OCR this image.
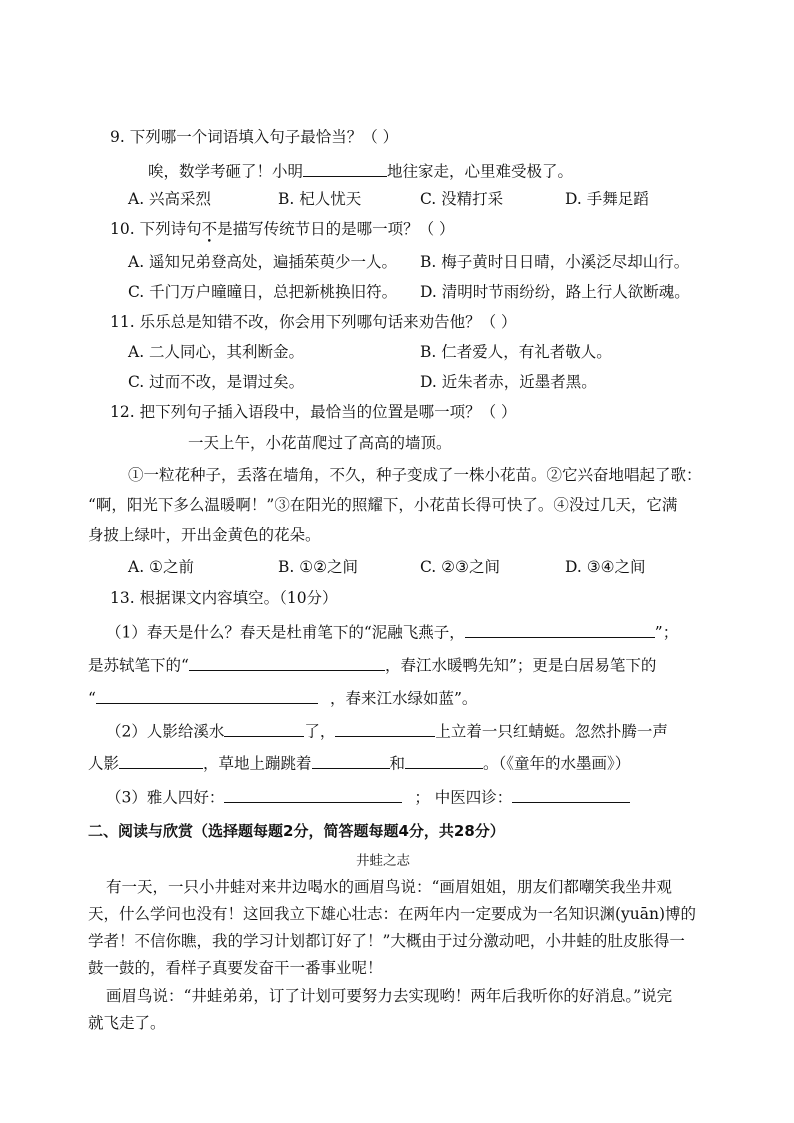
9. 下列哪一个词语填入句子最恰当？（ ）
唉，数学考砸了！小明	地往家走，心里难受极了。
A. 兴高采烈	B. 杞人忧天	C. 没精打采	D. 手舞足蹈
10. 下列诗句不是描写传统节日的是哪一项？（ ）
A. 遥知兄弟登高处，遍插茱萸少一人。 B. 梅子黄时日日晴，小溪泛尽却山行。
C. 千门万户曈曈日，总把新桃换旧符。 D. 清明时节雨纷纷，路上行人欲断魂。
11. 乐乐总是知错不改，你会用下列哪句话来劝告他？（ ）
A. 二人同心，其利断金。	B. 仁者爱人，有礼者敬人。
C. 过而不改，是谓过矣。	D. 近朱者赤，近墨者黑。
12. 把下列句子插入语段中，最恰当的位置是哪一项？（ ）
一天上午，小花苗爬过了高高的墙顶。
①一粒花种子，丢落在墙角，不久，种子变成了一株小花苗。②它兴奋地唱起了歌：
“啊，阳光下多么温暖啊！”③在阳光的照耀下，小花苗长得可快了。④没过几天，它满
身披上绿叶，开出金黄色的花朵。
A. ①之前	B. ①②之间	C. ②③之间	D. ③④之间
13. 根据课文内容填空。（10分）
（1）春天是什么？春天是杜甫笔下的“泥融飞燕子，	”；
是苏轼笔下的“	，春江水暖鸭先知”；更是白居易笔下的
“	，春来江水绿如蓝”。
（2）人影给溪水	了，	上立着一只红蜻蜓。忽然扑腾一声
人影	，草地上蹦跳着	和	。（《童年的水墨画》）
（3）雅人四好：	； 中医四诊：
二、阅读与欣赏（选择题每题2分，简答题每题4分，共28分）
井蛙之志
有一天，一只小井蛙对来井边喝水的画眉鸟说：“画眉姐姐，朋友们都嘲笑我坐井观
天，什么学问也没有！这回我立下雄心壮志：在两年内一定要成为一名知识渊(yuān)博的
学者！不信你瞧，我的学习计划都订好了！”大概由于过分激动吧，小井蛙的肚皮胀得一
鼓一鼓的，看样子真要发奋干一番事业呢！
画眉鸟说：“井蛙弟弟，订了计划可要努力去实现哟！两年后我听你的好消息。”说完
就飞走了。
